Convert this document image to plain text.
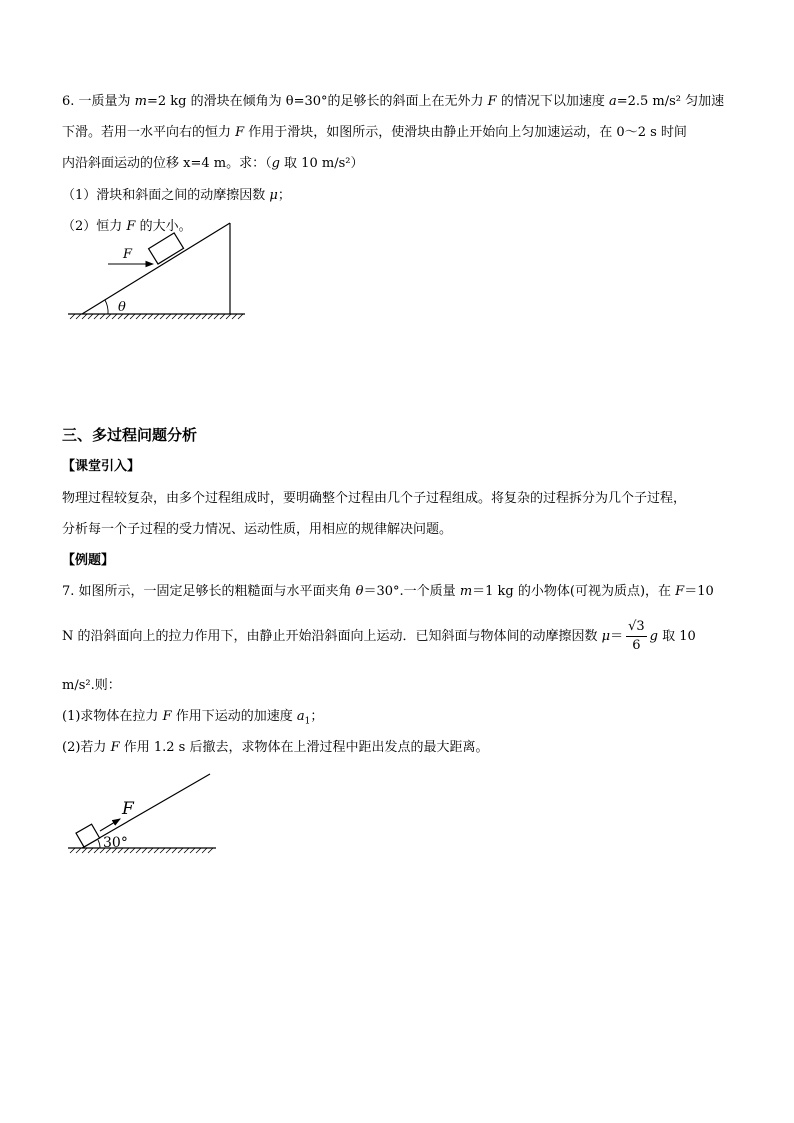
6. 一质量为 m=2 kg 的滑块在倾角为 θ=30°的足够长的斜面上在无外力 F 的情况下以加速度 a=2.5 m/s² 匀加速
下滑。若用一水平向右的恒力 F 作用于滑块，如图所示，使滑块由静止开始向上匀加速运动，在 0～2 s 时间
内沿斜面运动的位移 x=4 m。求：（g 取 10 m/s²）
（1）滑块和斜面之间的动摩擦因数 μ；
（2）恒力 F 的大小。
θ
F
三、多过程问题分析
【课堂引入】
物理过程较复杂，由多个过程组成时，要明确整个过程由几个子过程组成。将复杂的过程拆分为几个子过程，
分析每一个子过程的受力情况、运动性质，用相应的规律解决问题。
【例题】
7. 如图所示，一固定足够长的粗糙面与水平面夹角 θ＝30°.一个质量 m＝1 kg 的小物体(可视为质点)，在 F＝10
N 的沿斜面向上的拉力作用下，由静止开始沿斜面向上运动．已知斜面与物体间的动摩擦因数 $\mu= \frac{√3}{6}$ g 取 10
m/s².则：
(1)求物体在拉力 F 作用下运动的加速度 $a_1$；
(2)若力 F 作用 1.2 s 后撤去，求物体在上滑过程中距出发点的最大距离。
F
30°
